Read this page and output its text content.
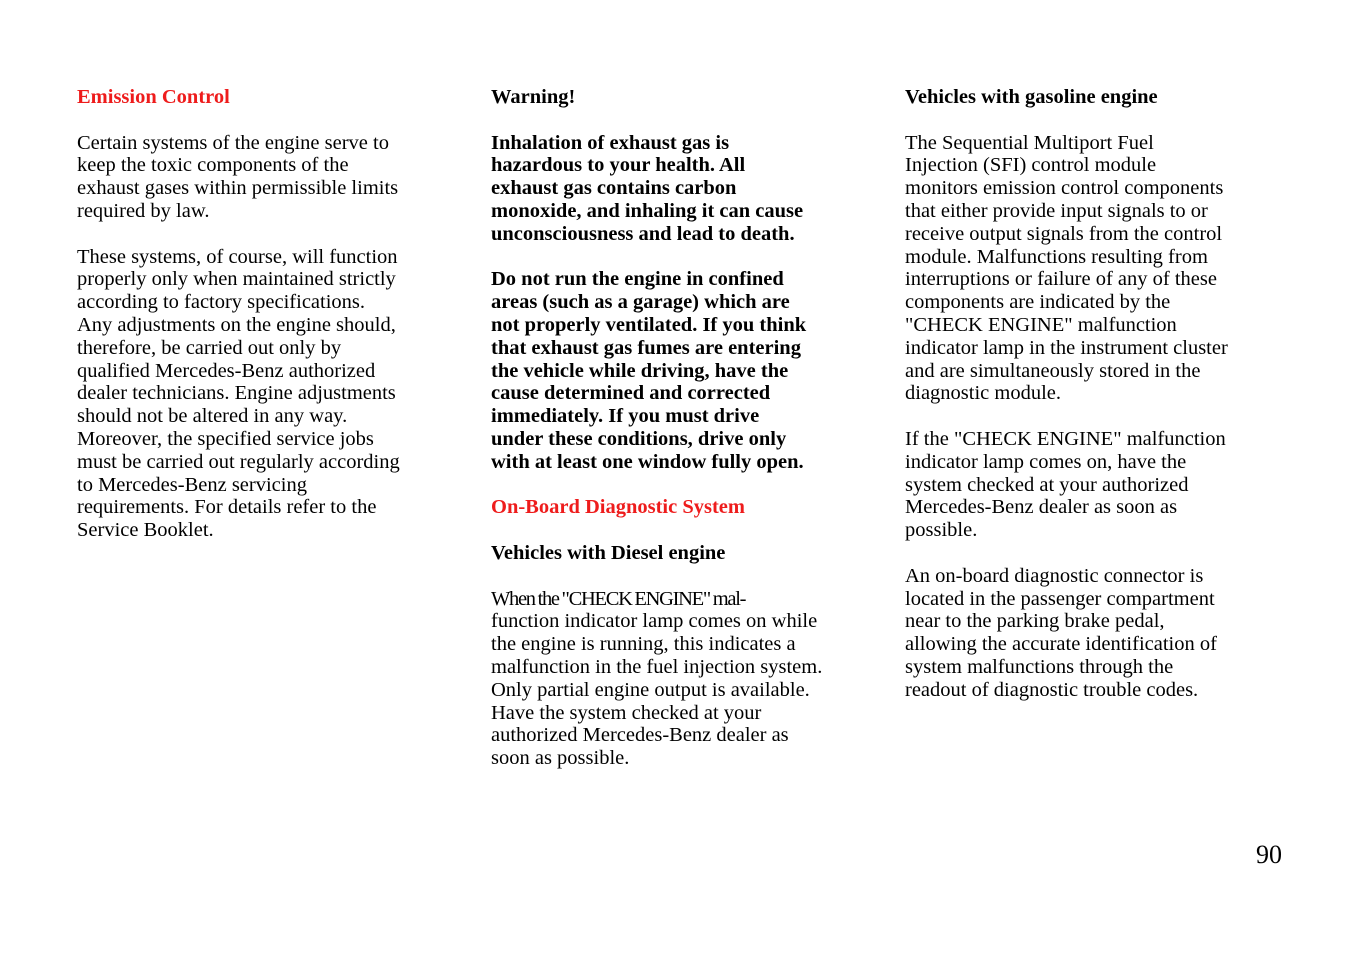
Emission Control
Certain systems of the engine serve to
keep the toxic components of the
exhaust gases within permissible limits
required by law.
These systems, of course, will function
properly only when maintained strictly
according to factory specifications.
Any adjustments on the engine should,
therefore, be carried out only by
qualified Mercedes-Benz authorized
dealer technicians. Engine adjustments
should not be altered in any way.
Moreover, the specified service jobs
must be carried out regularly according
to Mercedes-Benz servicing
requirements. For details refer to the
Service Booklet.
Warning!
Inhalation of exhaust gas is
hazardous to your health. All
exhaust gas contains carbon
monoxide, and inhaling it can cause
unconsciousness and lead to death.
Do not run the engine in confined
areas (such as a garage) which are
not properly ventilated. If you think
that exhaust gas fumes are entering
the vehicle while driving, have the
cause determined and corrected
immediately. If you must drive
under these conditions, drive only
with at least one window fully open.
On-Board Diagnostic System
Vehicles with Diesel engine
When the "CHECK ENGINE" mal-
function indicator lamp comes on while
the engine is running, this indicates a
malfunction in the fuel injection system.
Only partial engine output is available.
Have the system checked at your
authorized Mercedes-Benz dealer as
soon as possible.
Vehicles with gasoline engine
The Sequential Multiport Fuel
Injection (SFI) control module
monitors emission control components
that either provide input signals to or
receive output signals from the control
module. Malfunctions resulting from
interruptions or failure of any of these
components are indicated by the
"CHECK ENGINE" malfunction
indicator lamp in the instrument cluster
and are simultaneously stored in the
diagnostic module.
If the "CHECK ENGINE" malfunction
indicator lamp comes on, have the
system checked at your authorized
Mercedes-Benz dealer as soon as
possible.
An on-board diagnostic connector is
located in the passenger compartment
near to the parking brake pedal,
allowing the accurate identification of
system malfunctions through the
readout of diagnostic trouble codes.
90
